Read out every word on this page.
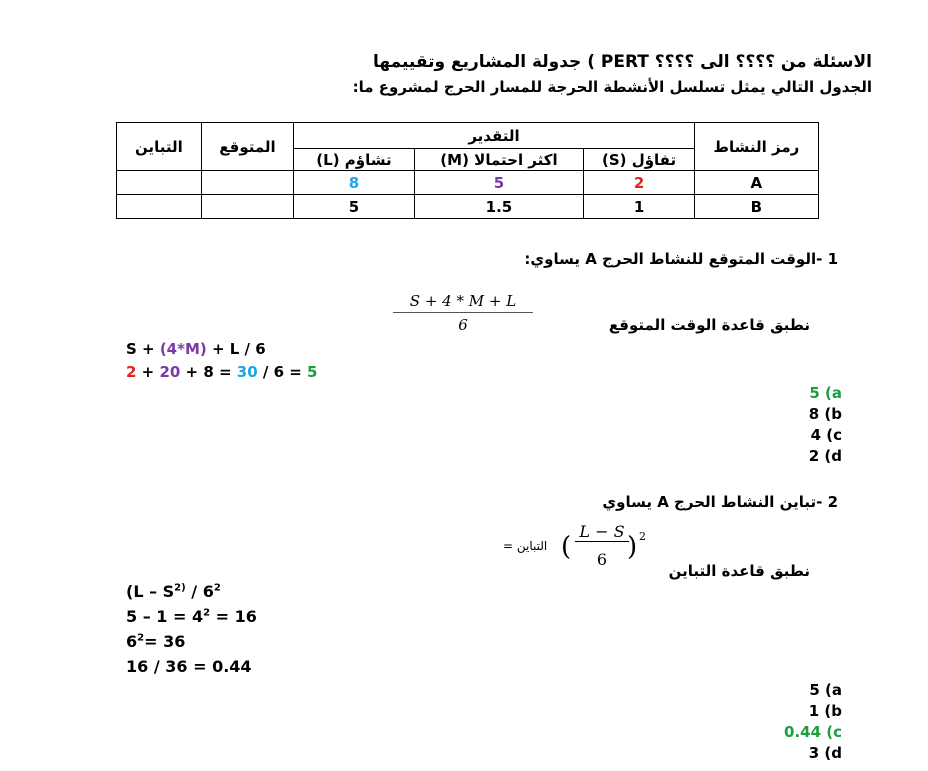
الاسئلة من ؟؟؟؟ الى ؟؟؟؟ PERT ) جدولة المشاريع وتقييمها
الجدول التالي يمثل تسلسل الأنشطة الحرجة للمسار الحرج لمشروع ما:
رمز النشاط	التقدير			المتوقع	التباين
	تفاؤل (S)	اكثر احتمالا (M)	تشاؤم (L)		
A	2	5	8		
B	1	1.5	5		
1 -الوقت المتوقع للنشاط الحرج A يساوي:
$\frac{S + 4 * M + L}{6}$	نطبق قاعدة الوقت المتوقع
S + (4*M) + L / 6
2 + 20 + 8 = 30 / 6 = 5
5 (a
8 (b
4 (c
2 (d
2 -تباين النشاط الحرج A يساوي
التباين = (
L − S
6 ) 2
نطبق قاعدة التباين
($L - S^{2)} / 6^2$
$5 - 1 = 4^2 = 16$
$6^2= 36$
16 / 36 = 0.44
5 (a
1 (b
0.44 (c
3 (d
